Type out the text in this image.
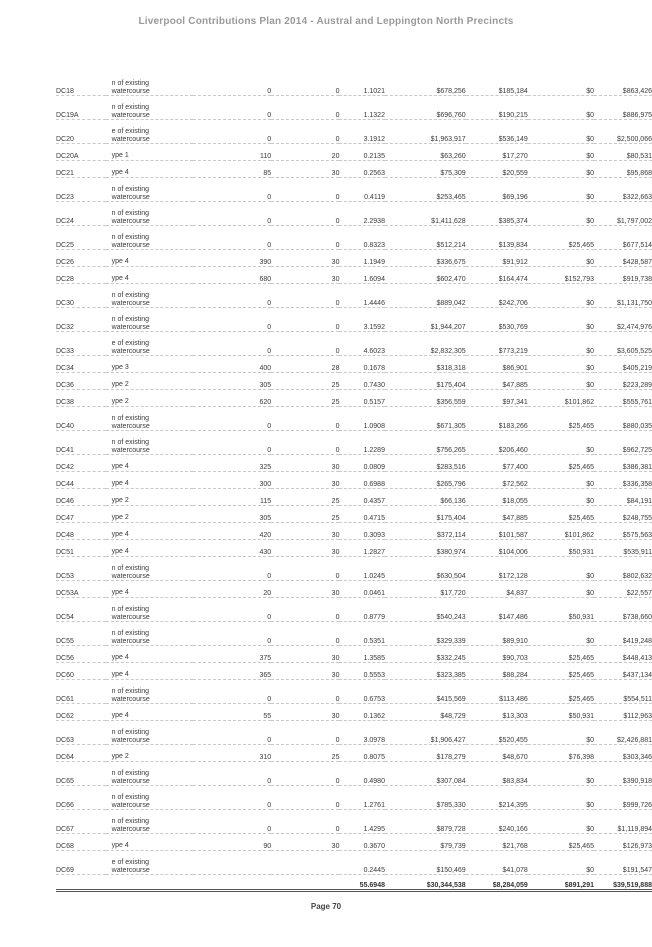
Liverpool Contributions Plan 2014 - Austral and Leppington North Precincts
DC18	n of existing
watercourse	0	0	1.1021	$678,256	$185,184	$0	$863,426
DC19A	n of existing
watercourse	0	0	1.1322	$696,760	$190,215	$0	$886,975
DC20	e of existing
watercourse	0	0	3.1912	$1,963,917	$536,149	$0	$2,500,066
DC20A	ype 1	110	20	0.2135	$63,260	$17,270	$0	$80,531
DC21	ype 4	85	30	0.2563	$75,309	$20,559	$0	$95,868
DC23	n of existing
watercourse	0	0	0.4119	$253,465	$69,196	$0	$322,663
DC24	n of existing
watercourse	0	0	2.2938	$1,411,628	$385,374	$0	$1,797,002
DC25	n of existing
watercourse	0	0	0.8323	$512,214	$139,834	$25,465	$677,514
DC26	ype 4	390	30	1.1949	$336,675	$91,912	$0	$428,587
DC28	ype 4	680	30	1.6094	$602,470	$164,474	$152,793	$919,738
DC30	n of existing
watercourse	0	0	1.4446	$889,042	$242,706	$0	$1,131,750
DC32	n of existing
watercourse	0	0	3.1592	$1,944,207	$530,769	$0	$2,474,976
DC33	e of existing
watercourse	0	0	4.6023	$2,832,305	$773,219	$0	$3,605,525
DC34	ype 3	400	28	0.1678	$318,318	$86,901	$0	$405,219
DC36	ype 2	305	25	0.7430	$175,404	$47,885	$0	$223,289
DC38	ype 2	620	25	0.5157	$356,559	$97,341	$101,862	$555,761
DC40	n of existing
watercourse	0	0	1.0908	$671,305	$183,266	$25,465	$880,035
DC41	n of existing
watercourse	0	0	1.2289	$756,265	$206,460	$0	$962,725
DC42	ype 4	325	30	0.0809	$283,516	$77,400	$25,465	$386,381
DC44	ype 4	300	30	0.6988	$265,796	$72,562	$0	$336,358
DC46	ype 2	115	25	0.4357	$66,136	$18,055	$0	$84,191
DC47	ype 2	305	25	0.4715	$175,404	$47,885	$25,465	$248,755
DC48	ype 4	420	30	0.3093	$372,114	$101,587	$101,862	$575,563
DC51	ype 4	430	30	1.2827	$380,974	$104,006	$50,931	$535,911
DC53	n of existing
watercourse	0	0	1.0245	$630,504	$172,128	$0	$802,632
DC53A	ype 4	20	30	0.0461	$17,720	$4,837	$0	$22,557
DC54	n of existing
watercourse	0	0	0.8779	$540,243	$147,486	$50,931	$738,660
DC55	n of existing
watercourse	0	0	0.5351	$329,339	$89,910	$0	$419,248
DC56	ype 4	375	30	1.3585	$332,245	$90,703	$25,465	$448,413
DC60	ype 4	365	30	0.5553	$323,385	$88,284	$25,465	$437,134
DC61	n of existing
watercourse	0	0	0.6753	$415,569	$113,486	$25,465	$554,511
DC62	ype 4	55	30	0.1362	$48,729	$13,303	$50,931	$112,963
DC63	n of existing
watercourse	0	0	3.0978	$1,906,427	$520,455	$0	$2,426,881
DC64	ype 2	310	25	0.8075	$178,279	$48,670	$76,398	$303,346
DC65	n of existing
watercourse	0	0	0.4980	$307,084	$83,834	$0	$390,918
DC66	n of existing
watercourse	0	0	1.2761	$785,330	$214,395	$0	$999,726
DC67	n of existing
watercourse	0	0	1.4295	$879,728	$240,166	$0	$1,119,894
DC68	ype 4	90	30	0.3670	$79,739	$21,768	$25,465	$126,973
DC69	e of existing
watercourse			0.2445	$150,469	$41,078	$0	$191,547
				55.6948	$30,344,538	$8,284,059	$891,291	$39,519,888
Page 70
